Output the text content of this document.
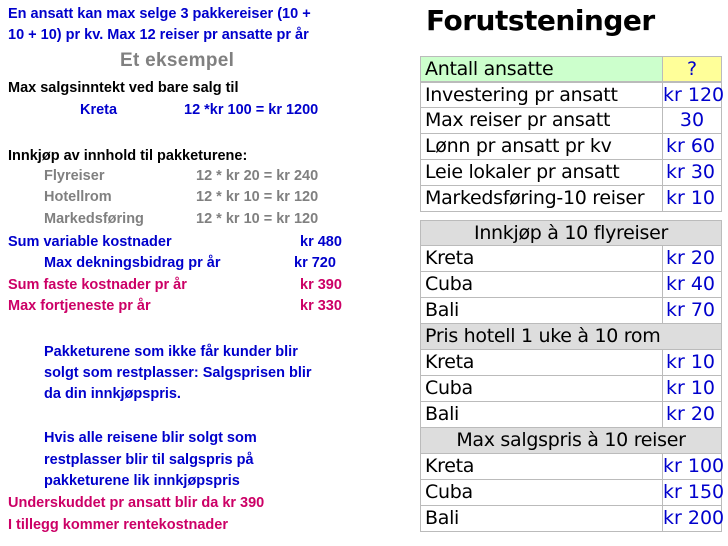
En ansatt kan max selge 3 pakkereiser (10 +
10 + 10) pr kv. Max 12 reiser pr ansatte pr år
Et eksempel
Max salgsinntekt ved bare salg til
Kreta	12 *kr 100 = kr 1200
Innkjøp av innhold til pakketurene:
Flyreiser	12 * kr 20 = kr 240
Hotellrom	12 * kr 10 = kr 120
Markedsføring	12 * kr 10 = kr 120
Sum variable kostnader	kr 480
Max dekningsbidrag pr år	kr 720
Sum faste kostnader pr år	kr 390
Max fortjeneste pr år	kr 330
Pakketurene som ikke får kunder blir
solgt som restplasser: Salgsprisen blir
da din innkjøpspris.
Hvis alle reisene blir solgt som
restplasser blir til salgspris på
pakketurene lik innkjøpspris
Underskuddet pr ansatt blir da kr 390
I tillegg kommer rentekostnader
Forutsteninger
Antall ansatte	?
Investering pr ansatt	kr 120
Max reiser pr ansatt	30
Lønn pr ansatt pr kv	kr 60
Leie lokaler pr ansatt	kr 30
Markedsføring-10 reiser	kr 10
Innkjøp à 10 flyreiser
Kreta	kr 20
Cuba	kr 40
Bali	kr 70
Pris hotell 1 uke à 10 rom
Kreta	kr 10
Cuba	kr 10
Bali	kr 20
Max salgspris à 10 reiser
Kreta	kr 100
Cuba	kr 150
Bali	kr 200
